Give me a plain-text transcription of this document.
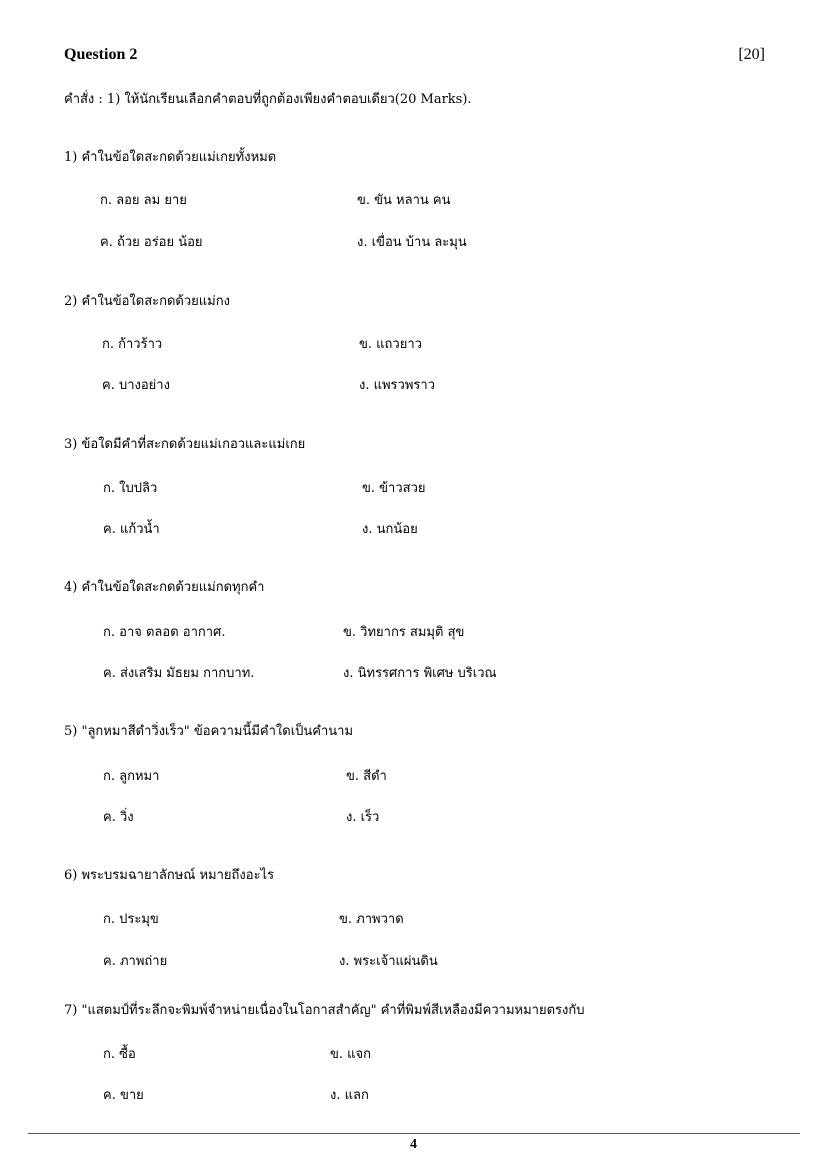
Question 2	[20]
คำสั่ง : 1) ให้นักเรียนเลือกคำตอบที่ถูกต้องเพียงคำตอบเดียว(20 Marks).
1) คำในข้อใดสะกดด้วยแม่เกยทั้งหมด
ก. ลอย ลม ยาย	ข. ขัน หลาน คน
ค. ถ้วย อร่อย น้อย	ง. เขื่อน บ้าน ละมุน
2) คำในข้อใดสะกดด้วยแม่กง
ก. ก้าวร้าว	ข. แถวยาว
ค. บางอย่าง	ง. แพรวพราว
3) ข้อใดมีคำที่สะกดด้วยแม่เกอวและแม่เกย
ก. ใบปลิว	ข. ข้าวสวย
ค. แก้วน้ำ	ง. นกน้อย
4) คำในข้อใดสะกดด้วยแม่กดทุกคำ
ก. อาจ ตลอด อากาศ.	ข. วิทยากร สมมุติ สุข
ค. ส่งเสริม มัธยม กากบาท.	ง. นิทรรศการ พิเศษ บริเวณ
5) "ลูกหมาสีดำวิ่งเร็ว" ข้อความนี้มีคำใดเป็นคำนาม
ก. ลูกหมา	ข. สีดำ
ค. วิ่ง	ง. เร็ว
6) พระบรมฉายาลักษณ์ หมายถึงอะไร
ก. ประมุข	ข. ภาพวาด
ค. ภาพถ่าย	ง. พระเจ้าแผ่นดิน
7) "แสตมป์ที่ระลึกจะพิมพ์จำหน่ายเนื่องในโอกาสสำคัญ" คำที่พิมพ์สีเหลืองมีความหมายตรงกับ
ก. ซื้อ	ข. แจก
ค. ขาย	ง. แลก
4
